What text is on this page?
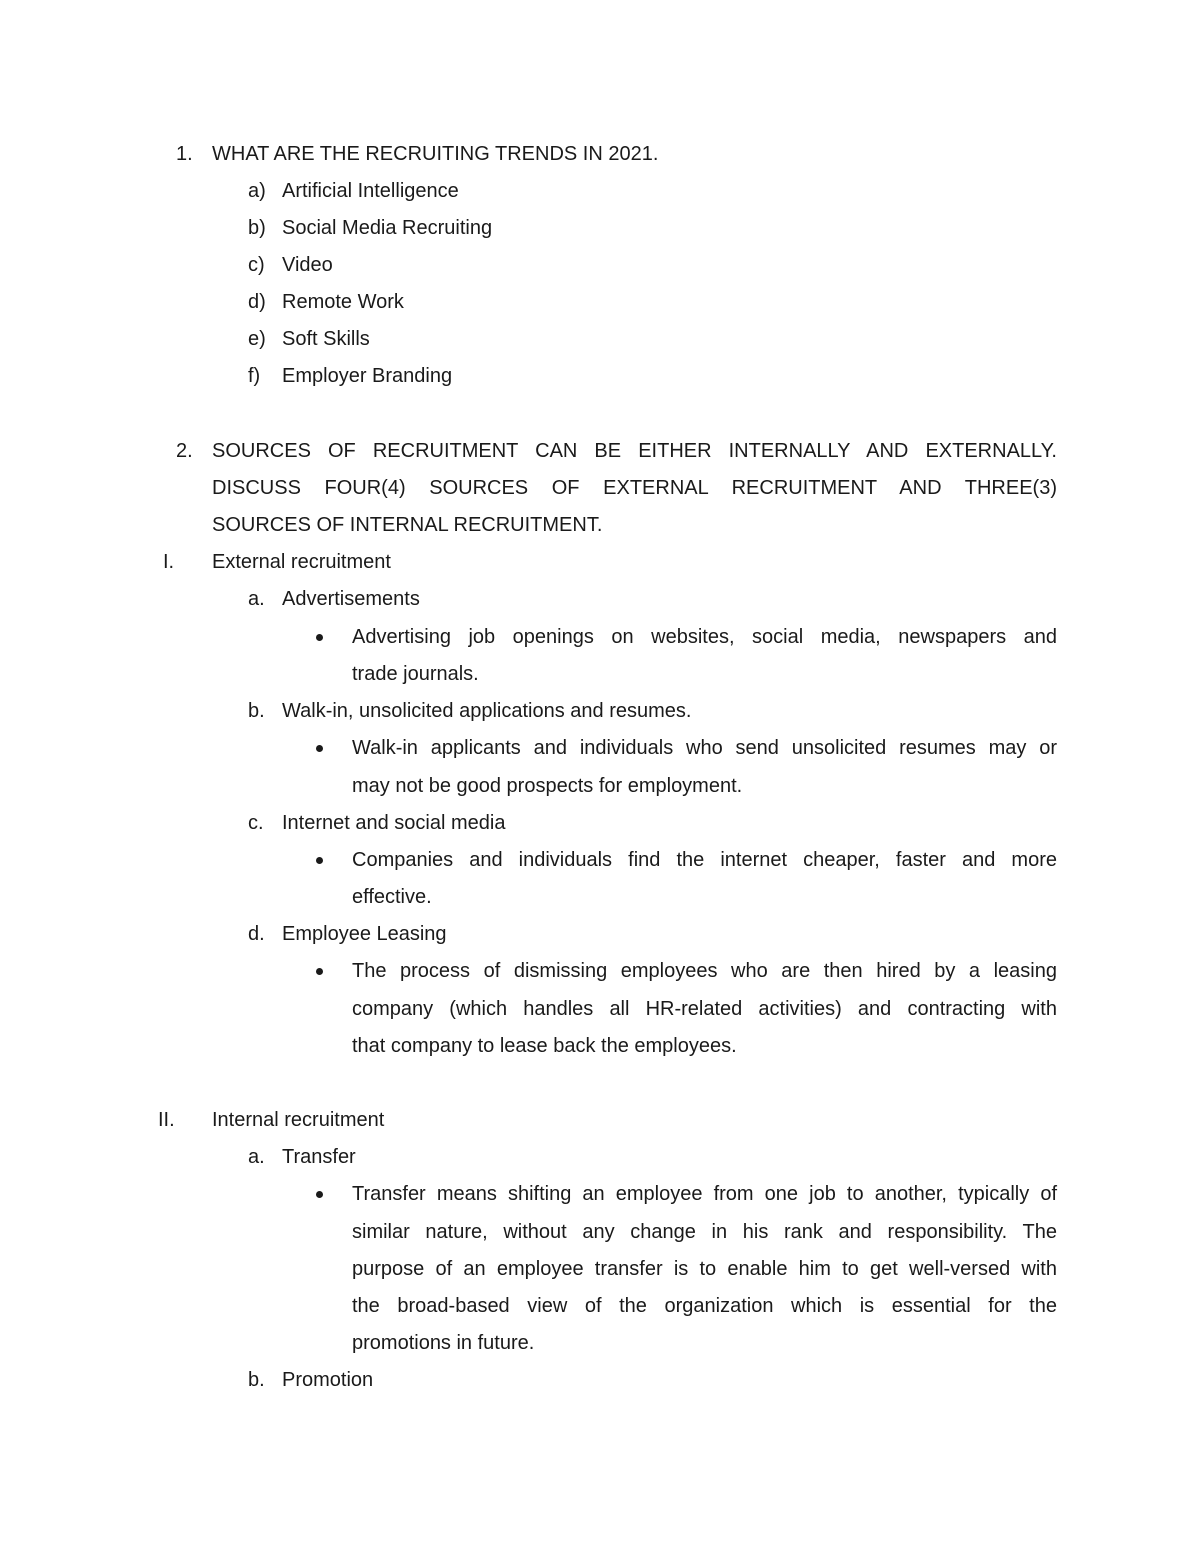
1. WHAT ARE THE RECRUITING TRENDS IN 2021.
a) Artificial Intelligence
b) Social Media Recruiting
c) Video
d) Remote Work
e) Soft Skills
f) Employer Branding
2. SOURCES OF RECRUITMENT CAN BE EITHER INTERNALLY AND EXTERNALLY.
DISCUSS FOUR(4) SOURCES OF EXTERNAL RECRUITMENT AND THREE(3)
SOURCES OF INTERNAL RECRUITMENT.
I. External recruitment
a. Advertisements
Advertising job openings on websites, social media, newspapers and
trade journals.
b. Walk-in, unsolicited applications and resumes.
Walk-in applicants and individuals who send unsolicited resumes may or
may not be good prospects for employment.
c. Internet and social media
Companies and individuals find the internet cheaper, faster and more
effective.
d. Employee Leasing
The process of dismissing employees who are then hired by a leasing
company (which handles all HR-related activities) and contracting with
that company to lease back the employees.
II. Internal recruitment
a. Transfer
Transfer means shifting an employee from one job to another, typically of
similar nature, without any change in his rank and responsibility. The
purpose of an employee transfer is to enable him to get well-versed with
the broad-based view of the organization which is essential for the
promotions in future.
b. Promotion
